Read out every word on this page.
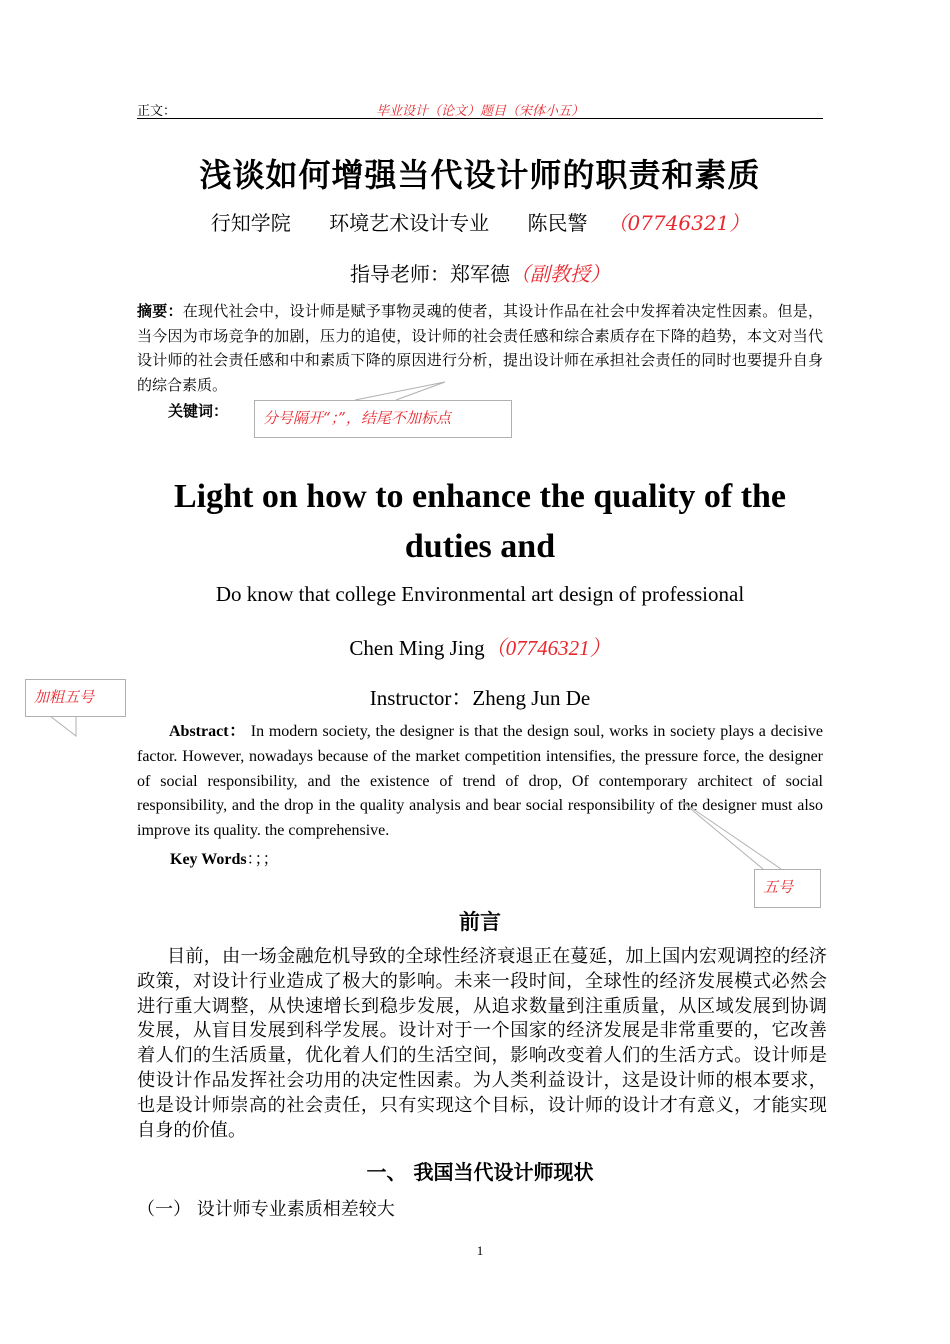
正文：	毕业设计（论文）题目（宋体小五）
浅谈如何增强当代设计师的职责和素质
行知学院 环境艺术设计专业 陈民警 （07746321）
指导老师：郑军德（副教授）
摘要：在现代社会中，设计师是赋予事物灵魂的使者，其设计作品在社会中发挥着决定性因素。但是，当今因为市场竞争的加剧，压力的追使，设计师的社会责任感和综合素质存在下降的趋势，本文对当代设计师的社会责任感和中和素质下降的原因进行分析，提出设计师在承担社会责任的同时也要提升自身的综合素质。
关键词：
Light on how to enhance the quality of the duties and
Do know that college Environmental art design of professional
Chen Ming Jing（07746321）
Instructor：Zheng Jun De
Abstract： In modern society, the designer is that the design soul, works in society plays a decisive factor. However, nowadays because of the market competition intensifies, the pressure force, the designer of social responsibility, and the existence of trend of drop, Of contemporary architect of social responsibility, and the drop in the quality analysis and bear social responsibility of the designer must also improve its quality. the comprehensive.
Key Words：；；
分号隔开“；”，结尾不加标点
加粗五号
五号
前言
目前，由一场金融危机导致的全球性经济衰退正在蔓延，加上国内宏观调控的经济政策，对设计行业造成了极大的影响。未来一段时间，全球性的经济发展模式必然会进行重大调整，从快速增长到稳步发展，从追求数量到注重质量，从区域发展到协调发展，从盲目发展到科学发展。设计对于一个国家的经济发展是非常重要的，它改善着人们的生活质量，优化着人们的生活空间，影响改变着人们的生活方式。设计师是使设计作品发挥社会功用的决定性因素。为人类利益设计，这是设计师的根本要求，也是设计师崇高的社会责任，只有实现这个目标，设计师的设计才有意义，才能实现自身的价值。
一、 我国当代设计师现状
（一） 设计师专业素质相差较大
1
